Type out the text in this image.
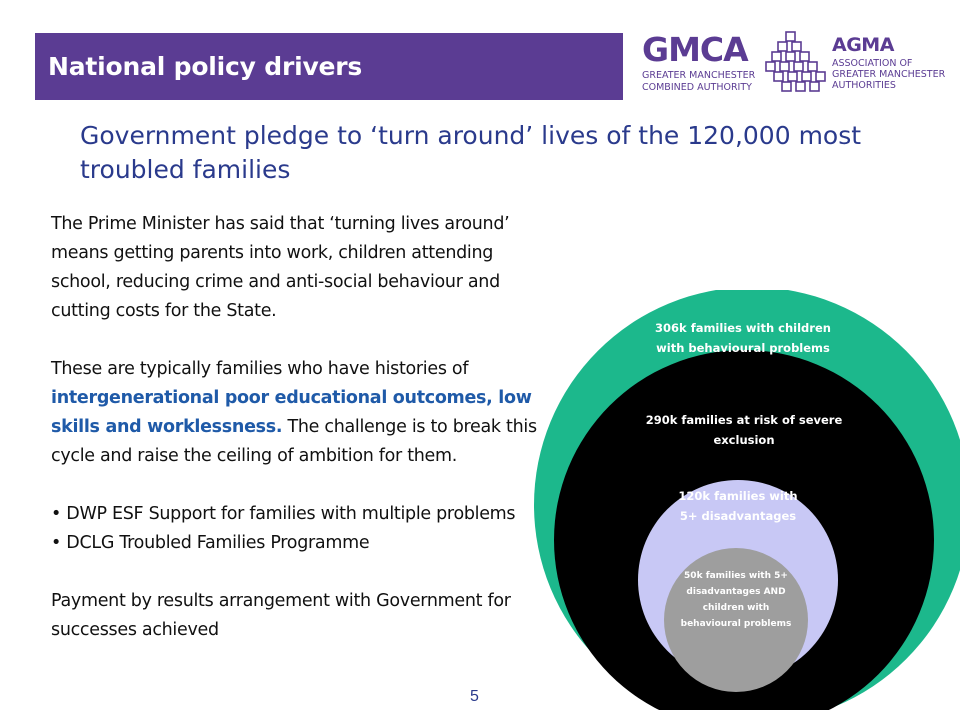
National policy drivers	GMCA
GREATER MANCHESTER
COMBINED AUTHORITY
AGMA
ASSOCIATION OF
GREATER MANCHESTER
AUTHORITIES
Government pledge to ‘turn around’ lives of the 120,000 most troubled families

The Prime Minister has said that ‘turning lives around’ means getting parents into work, children attending school, reducing crime and anti-social behaviour and cutting costs for the State.

These are typically families who have histories of intergenerational poor educational outcomes, low skills and worklessness. The challenge is to break this cycle and raise the ceiling of ambition for them.

• DWP ESF Support for families with multiple problems

• DCLG Troubled Families Programme

Payment by results arrangement with Government for successes achieved

306k families with children
with behavioural problems
290k families at risk of severe
exclusion
120k families with
5+ disadvantages
50k families with 5+
disadvantages AND
children with
behavioural problems
5
